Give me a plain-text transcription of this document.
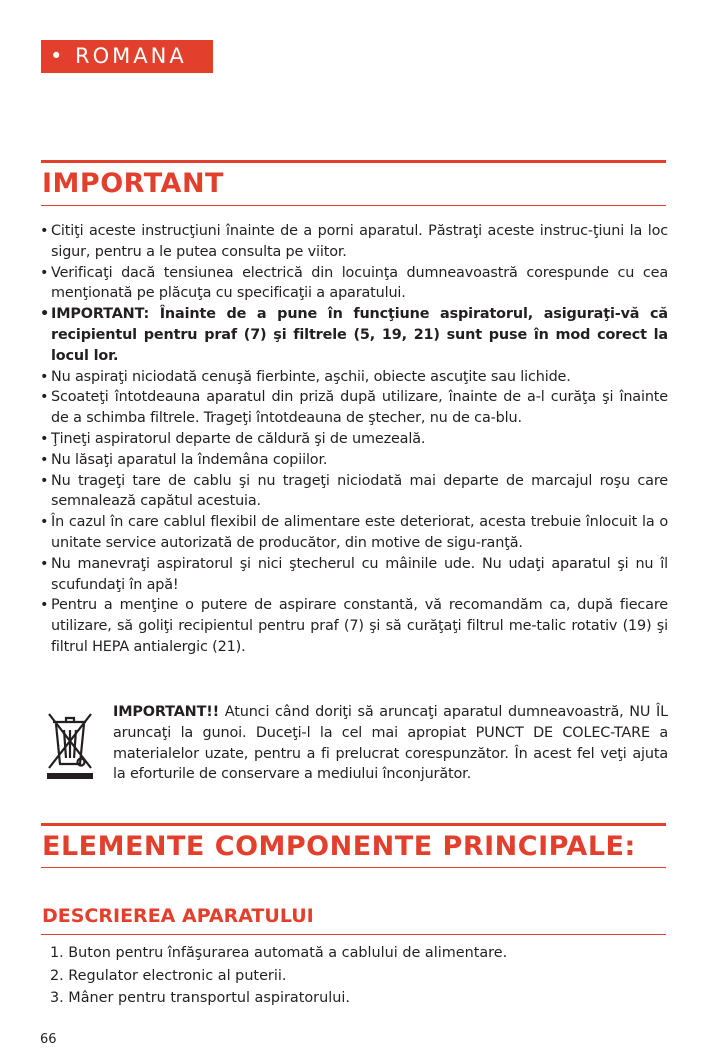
• ROMANA
IMPORTANT
• Citiţi aceste instrucţiuni înainte de a porni aparatul. Păstraţi aceste instruc-ţiuni la loc sigur, pentru a le putea consulta pe viitor.
• Verificaţi dacă tensiunea electrică din locuinţa dumneavoastră corespunde cu cea menţionată pe plăcuţa cu specificaţii a aparatului.
• IMPORTANT: Înainte de a pune în funcţiune aspiratorul, asiguraţi-vă că recipientul pentru praf (7) şi filtrele (5, 19, 21) sunt puse în mod corect la locul lor.
• Nu aspiraţi niciodată cenuşă fierbinte, aşchii, obiecte ascuţite sau lichide.
• Scoateţi întotdeauna aparatul din priză după utilizare, înainte de a-l curăţa şi înainte de a schimba filtrele. Trageţi întotdeauna de ştecher, nu de ca-blu.
• Ţineţi aspiratorul departe de căldură şi de umezeală.
• Nu lăsaţi aparatul la îndemâna copiilor.
• Nu trageţi tare de cablu şi nu trageţi niciodată mai departe de marcajul roşu care semnalează capătul acestuia.
• În cazul în care cablul flexibil de alimentare este deteriorat, acesta trebuie înlocuit la o unitate service autorizată de producător, din motive de sigu-ranţă.
• Nu manevraţi aspiratorul şi nici ştecherul cu mâinile ude. Nu udaţi aparatul şi nu îl scufundaţi în apă!
• Pentru a menţine o putere de aspirare constantă, vă recomandăm ca, după fiecare utilizare, să goliţi recipientul pentru praf (7) şi să curăţaţi filtrul me-talic rotativ (19) şi filtrul HEPA antialergic (21).
IMPORTANT!! Atunci când doriţi să aruncaţi aparatul dumneavoastră, NU ÎL aruncaţi la gunoi. Duceţi-l la cel mai apropiat PUNCT DE COLEC-TARE a materialelor uzate, pentru a fi prelucrat corespunzător. În acest fel veţi ajuta la eforturile de conservare a mediului înconjurător.
ELEMENTE COMPONENTE PRINCIPALE:
DESCRIEREA APARATULUI
1. Buton pentru înfăşurarea automată a cablului de alimentare.
2. Regulator electronic al puterii.
3. Mâner pentru transportul aspiratorului.
66
